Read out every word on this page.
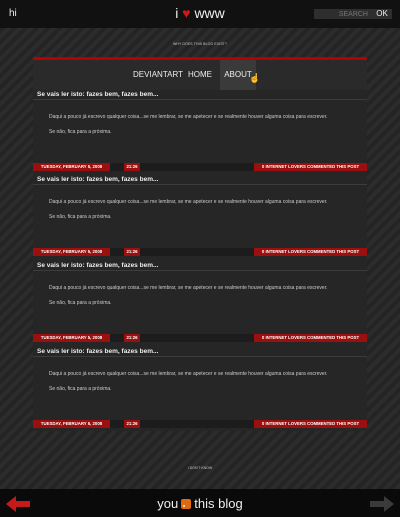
hi	i ♥ www
SEARCH	OK
WHY DOES THIS BLOG EXIST?
DEVIANTART HOME	ABOUT
☝
Se vais ler isto: fazes bem, fazes bem...
Daqui a pouco já escrevo qualquer coisa...se me lembrar, se me apetecer e se realmente houver alguma coisa para escrever.
Se não, fica para a próxima.
TUESDAY, FEBRUARY 5, 2008	21:26	0 INTERNET LOVERS COMMENTED THIS POST
Se vais ler isto: fazes bem, fazes bem...
Daqui a pouco já escrevo qualquer coisa...se me lembrar, se me apetecer e se realmente houver alguma coisa para escrever.
Se não, fica para a próxima.
TUESDAY, FEBRUARY 5, 2008	21:26	0 INTERNET LOVERS COMMENTED THIS POST
Se vais ler isto: fazes bem, fazes bem...
Daqui a pouco já escrevo qualquer coisa...se me lembrar, se me apetecer e se realmente houver alguma coisa para escrever.
Se não, fica para a próxima.
TUESDAY, FEBRUARY 5, 2008	21:26	0 INTERNET LOVERS COMMENTED THIS POST
Se vais ler isto: fazes bem, fazes bem...
Daqui a pouco já escrevo qualquer coisa...se me lembrar, se me apetecer e se realmente houver alguma coisa para escrever.
Se não, fica para a próxima.
TUESDAY, FEBRUARY 5, 2008	21:26	0 INTERNET LOVERS COMMENTED THIS POST
I DON'T KNOW
you this blog
